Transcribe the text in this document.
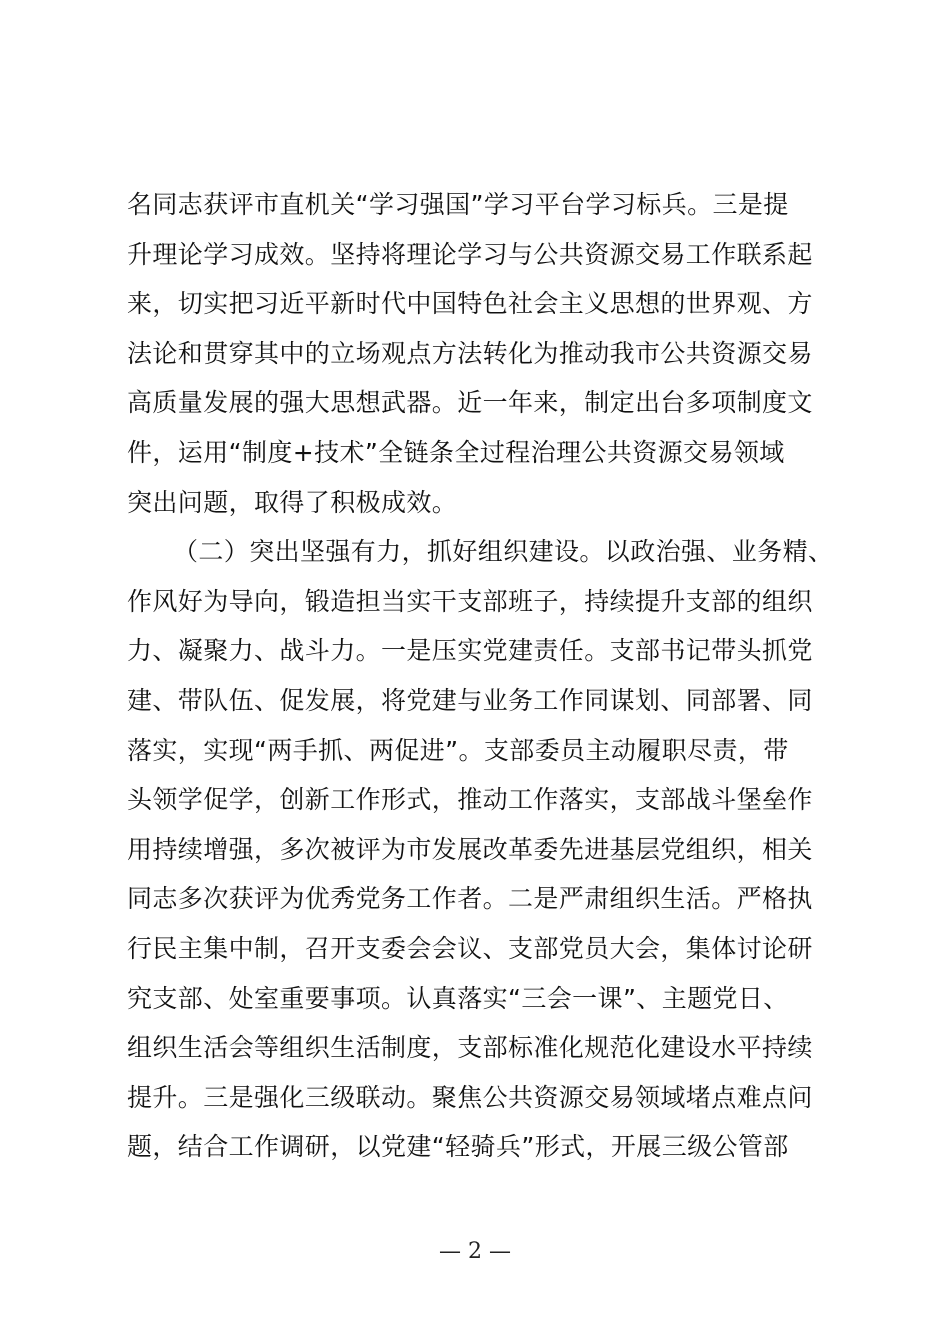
名同志获评市直机关“学习强国”学习平台学习标兵。三是提
升理论学习成效。坚持将理论学习与公共资源交易工作联系起
来，切实把习近平新时代中国特色社会主义思想的世界观、方
法论和贯穿其中的立场观点方法转化为推动我市公共资源交易
高质量发展的强大思想武器。近一年来，制定出台多项制度文
件，运用“制度+技术”全链条全过程治理公共资源交易领域
突出问题，取得了积极成效。
（二）突出坚强有力，抓好组织建设。以政治强、业务精、
作风好为导向，锻造担当实干支部班子，持续提升支部的组织
力、凝聚力、战斗力。一是压实党建责任。支部书记带头抓党
建、带队伍、促发展，将党建与业务工作同谋划、同部署、同
落实，实现“两手抓、两促进”。支部委员主动履职尽责，带
头领学促学，创新工作形式，推动工作落实，支部战斗堡垒作
用持续增强，多次被评为市发展改革委先进基层党组织，相关
同志多次获评为优秀党务工作者。二是严肃组织生活。严格执
行民主集中制，召开支委会会议、支部党员大会，集体讨论研
究支部、处室重要事项。认真落实“三会一课”、主题党日、
组织生活会等组织生活制度，支部标准化规范化建设水平持续
提升。三是强化三级联动。聚焦公共资源交易领域堵点难点问
题，结合工作调研，以党建“轻骑兵”形式，开展三级公管部
— 2 —
